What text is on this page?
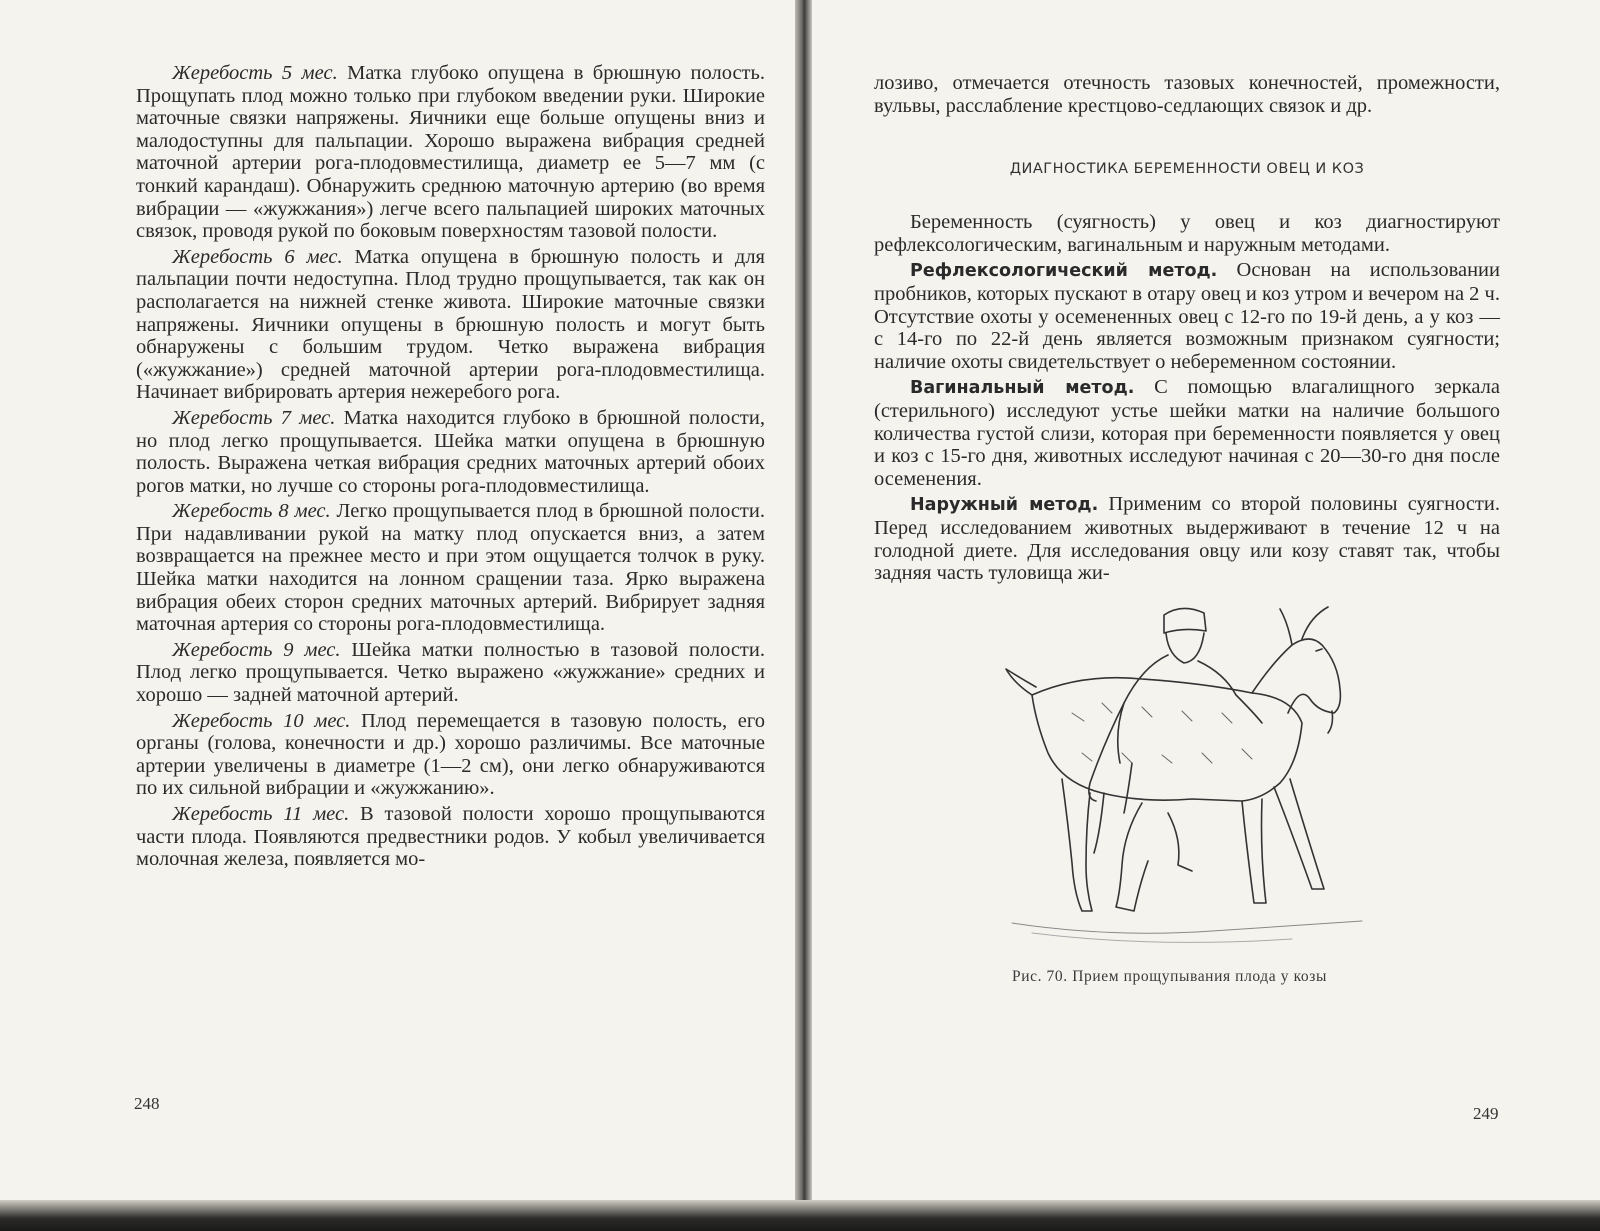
Жеребость 5 мес. Матка глубоко опущена в брюшную полость. Прощупать плод можно только при глубоком введении руки. Широкие маточные связки напряжены. Яичники еще больше опущены вниз и малодоступны для пальпации. Хорошо выражена вибрация средней маточной артерии рога-плодовместилища, диаметр ее 5—7 мм (с тонкий карандаш). Обнаружить среднюю маточную артерию (во время вибрации — «жужжания») легче всего пальпацией широких маточных связок, проводя рукой по боковым поверхностям тазовой полости.

Жеребость 6 мес. Матка опущена в брюшную полость и для пальпации почти недоступна. Плод трудно прощупывается, так как он располагается на нижней стенке живота. Широкие маточные связки напряжены. Яичники опущены в брюшную полость и могут быть обнаружены с большим трудом. Четко выражена вибрация («жужжание») средней маточной артерии рога-плодовместилища. Начинает вибрировать артерия нежеребого рога.

Жеребость 7 мес. Матка находится глубоко в брюшной полости, но плод легко прощупывается. Шейка матки опущена в брюшную полость. Выражена четкая вибрация средних маточных артерий обоих рогов матки, но лучше со стороны рога-плодовместилища.

Жеребость 8 мес. Легко прощупывается плод в брюшной полости. При надавливании рукой на матку плод опускается вниз, а затем возвращается на прежнее место и при этом ощущается толчок в руку. Шейка матки находится на лонном сращении таза. Ярко выражена вибрация обеих сторон средних маточных артерий. Вибрирует задняя маточная артерия со стороны рога-плодовместилища.

Жеребость 9 мес. Шейка матки полностью в тазовой полости. Плод легко прощупывается. Четко выражено «жужжание» средних и хорошо — задней маточной артерий.

Жеребость 10 мес. Плод перемещается в тазовую полость, его органы (голова, конечности и др.) хорошо различимы. Все маточные артерии увеличены в диаметре (1—2 см), они легко обнаруживаются по их сильной вибрации и «жужжанию».

Жеребость 11 мес. В тазовой полости хорошо прощупываются части плода. Появляются предвестники родов. У кобыл увеличивается молочная железа, появляется мо-

248

лозиво, отмечается отечность тазовых конечностей, промежности, вульвы, расслабление крестцово-седлающих связок и др.

ДИАГНОСТИКА БЕРЕМЕННОСТИ ОВЕЦ И КОЗ

Беременность (суягность) у овец и коз диагностируют рефлексологическим, вагинальным и наружным методами.

Рефлексологический метод. Основан на использовании пробников, которых пускают в отару овец и коз утром и вечером на 2 ч. Отсутствие охоты у осемененных овец с 12-го по 19-й день, а у коз — с 14-го по 22-й день является возможным признаком суягности; наличие охоты свидетельствует о небеременном состоянии.

Вагинальный метод. С помощью влагалищного зеркала (стерильного) исследуют устье шейки матки на наличие большого количества густой слизи, которая при беременности появляется у овец и коз с 15-го дня, животных исследуют начиная с 20—30-го дня после осеменения.

Наружный метод. Применим со второй половины суягности. Перед исследованием животных выдерживают в течение 12 ч на голодной диете. Для исследования овцу или козу ставят так, чтобы задняя часть туловища жи-

Рис. 70. Прием прощупывания плода у козы
249
